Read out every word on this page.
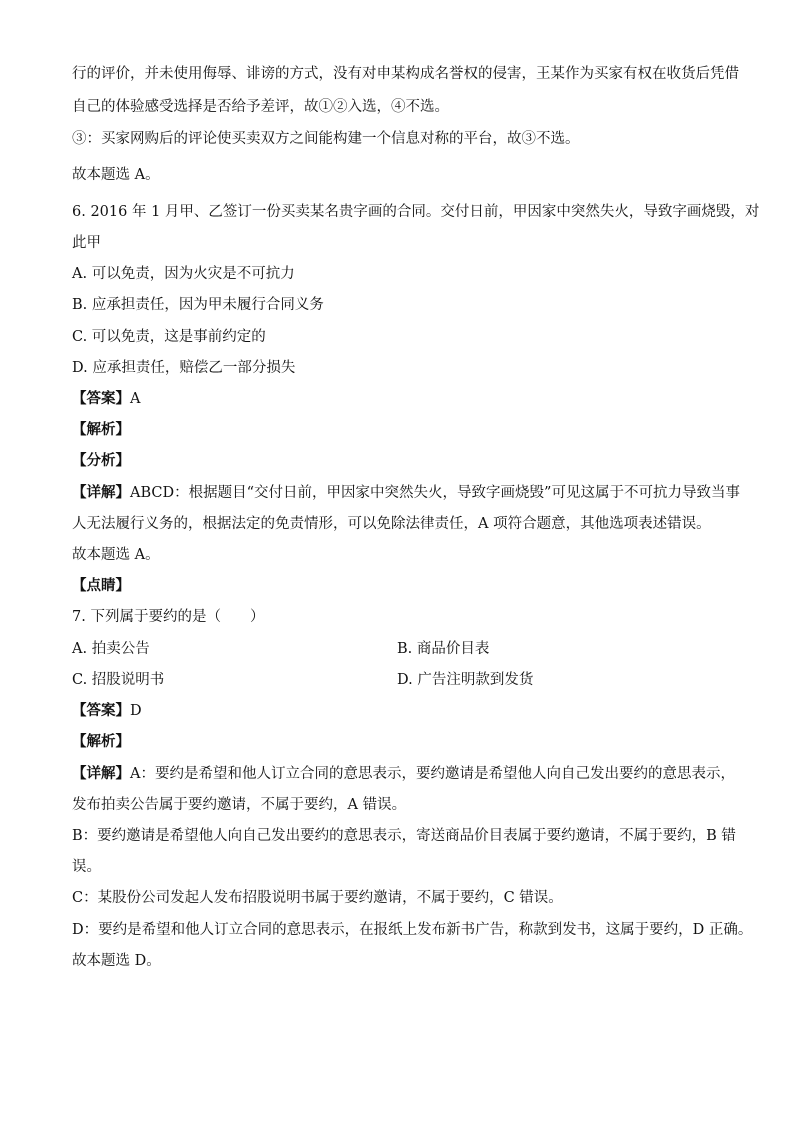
行的评价，并未使用侮辱、诽谤的方式，没有对申某构成名誉权的侵害，王某作为买家有权在收货后凭借
自己的体验感受选择是否给予差评，故①②入选，④不选。
③：买家网购后的评论使买卖双方之间能构建一个信息对称的平台，故③不选。
故本题选 A。
6. 2016 年 1 月甲、乙签订一份买卖某名贵字画的合同。交付日前，甲因家中突然失火，导致字画烧毁，对
此甲
A. 可以免责，因为火灾是不可抗力
B. 应承担责任，因为甲未履行合同义务
C. 可以免责，这是事前约定的
D. 应承担责任，赔偿乙一部分损失
【答案】A
【解析】
【分析】
【详解】ABCD：根据题目“交付日前，甲因家中突然失火，导致字画烧毁”可见这属于不可抗力导致当事
人无法履行义务的，根据法定的免责情形，可以免除法律责任，A 项符合题意，其他选项表述错误。
故本题选 A。
【点睛】
7. 下列属于要约的是（　　）
A. 拍卖公告	B. 商品价目表
C. 招股说明书	D. 广告注明款到发货
【答案】D
【解析】
【详解】A：要约是希望和他人订立合同的意思表示，要约邀请是希望他人向自己发出要约的意思表示，
发布拍卖公告属于要约邀请，不属于要约，A 错误。
B：要约邀请是希望他人向自己发出要约的意思表示，寄送商品价目表属于要约邀请，不属于要约，B 错
误。
C：某股份公司发起人发布招股说明书属于要约邀请，不属于要约，C 错误。
D：要约是希望和他人订立合同的意思表示，在报纸上发布新书广告，称款到发书，这属于要约，D 正确。
故本题选 D。
